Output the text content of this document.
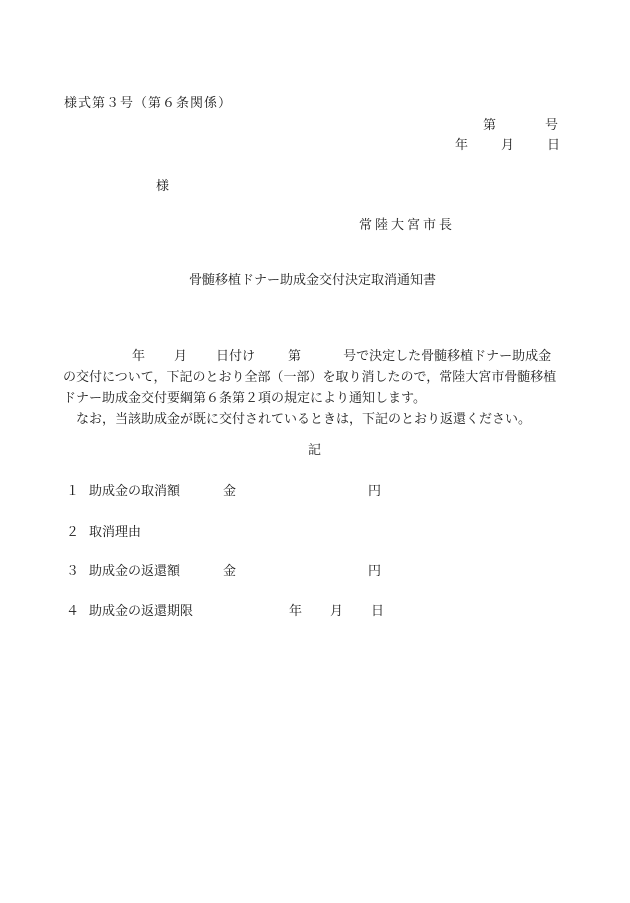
様式第３号（第６条関係）
第	号
年	月	日
様
常陸大宮市長
骨髄移植ドナー助成金交付決定取消通知書
年 月 日付け	第	号で決定した骨髄移植ドナー助成金
の交付について，下記のとおり全部（一部）を取り消したので，常陸大宮市骨髄移植
ドナー助成金交付要綱第６条第２項の規定により通知します。
　なお，当該助成金が既に交付されているときは，下記のとおり返還ください。
記
１ 助成金の取消額	金	円
２ 取消理由
３ 助成金の返還額	金	円
４ 助成金の返還期限	年 月 日
